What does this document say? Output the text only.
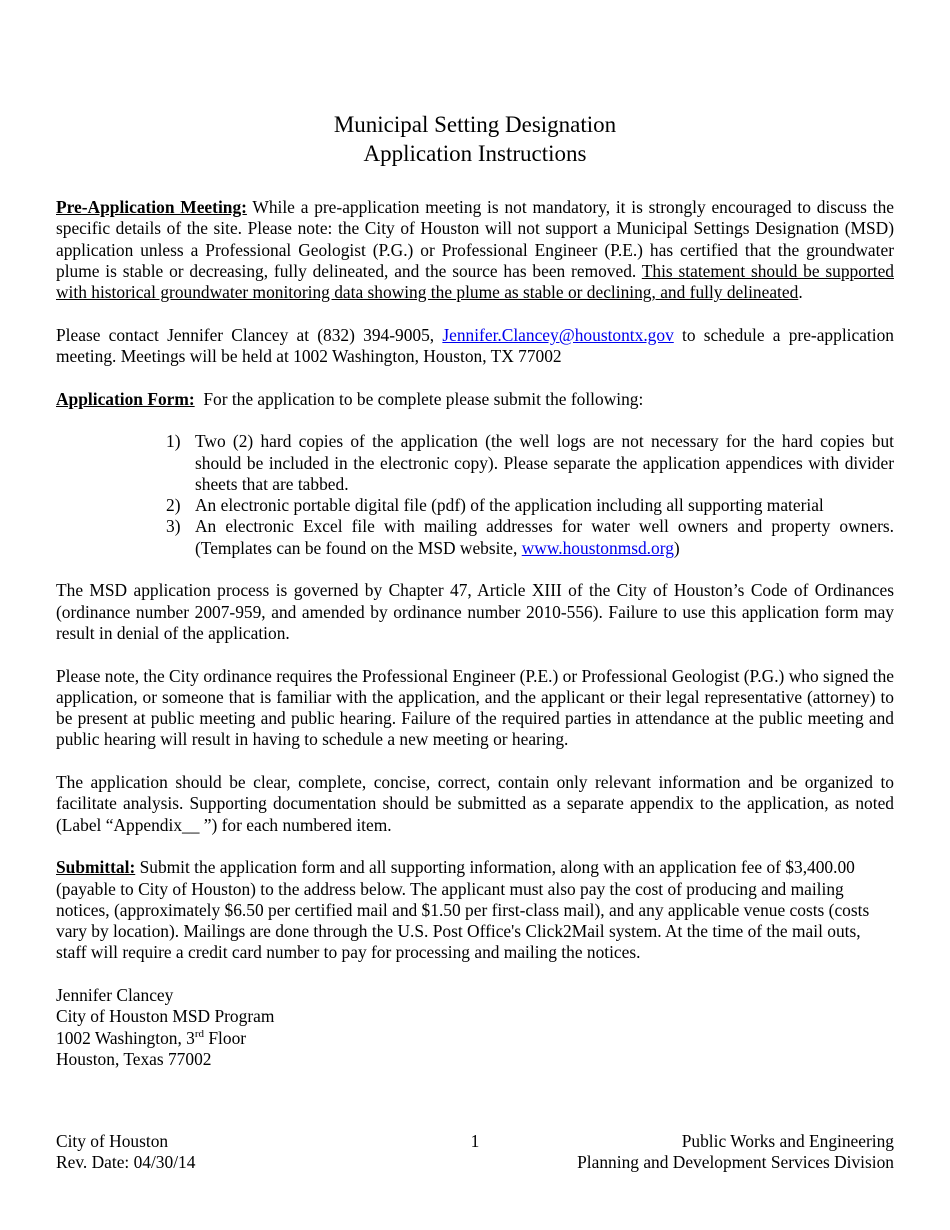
Municipal Setting Designation
Application Instructions

Pre-Application Meeting: While a pre-application meeting is not mandatory, it is strongly encouraged to discuss the specific details of the site. Please note: the City of Houston will not support a Municipal Settings Designation (MSD) application unless a Professional Geologist (P.G.) or Professional Engineer (P.E.) has certified that the groundwater plume is stable or decreasing, fully delineated, and the source has been removed. This statement should be supported with historical groundwater monitoring data showing the plume as stable or declining, and fully delineated.

Please contact Jennifer Clancey at (832) 394-9005, Jennifer.Clancey@houstontx.gov to schedule a pre-application meeting. Meetings will be held at 1002 Washington, Houston, TX 77002

Application Form:  For the application to be complete please submit the following:

1) Two (2) hard copies of the application (the well logs are not necessary for the hard copies but should be included in the electronic copy). Please separate the application appendices with divider sheets that are tabbed.
2) An electronic portable digital file (pdf) of the application including all supporting material
3) An electronic Excel file with mailing addresses for water well owners and property owners. (Templates can be found on the MSD website, www.houstonmsd.org)

The MSD application process is governed by Chapter 47, Article XIII of the City of Houston’s Code of Ordinances (ordinance number 2007-959, and amended by ordinance number 2010-556). Failure to use this application form may result in denial of the application.

Please note, the City ordinance requires the Professional Engineer (P.E.) or Professional Geologist (P.G.) who signed the application, or someone that is familiar with the application, and the applicant or their legal representative (attorney) to be present at public meeting and public hearing. Failure of the required parties in attendance at the public meeting and public hearing will result in having to schedule a new meeting or hearing.

The application should be clear, complete, concise, correct, contain only relevant information and be organized to facilitate analysis. Supporting documentation should be submitted as a separate appendix to the application, as noted (Label “Appendix__ ”) for each numbered item.

Submittal: Submit the application form and all supporting information, along with an application fee of $3,400.00 (payable to City of Houston) to the address below. The applicant must also pay the cost of producing and mailing notices, (approximately $6.50 per certified mail and $1.50 per first-class mail), and any applicable venue costs (costs vary by location). Mailings are done through the U.S. Post Office's Click2Mail system. At the time of the mail outs, staff will require a credit card number to pay for processing and mailing the notices.

Jennifer Clancey

City of Houston MSD Program

1002 Washington, 3rd Floor

Houston, Texas 77002

1
City of Houston
Rev. Date: 04/30/14
Public Works and Engineering
Planning and Development Services Division
